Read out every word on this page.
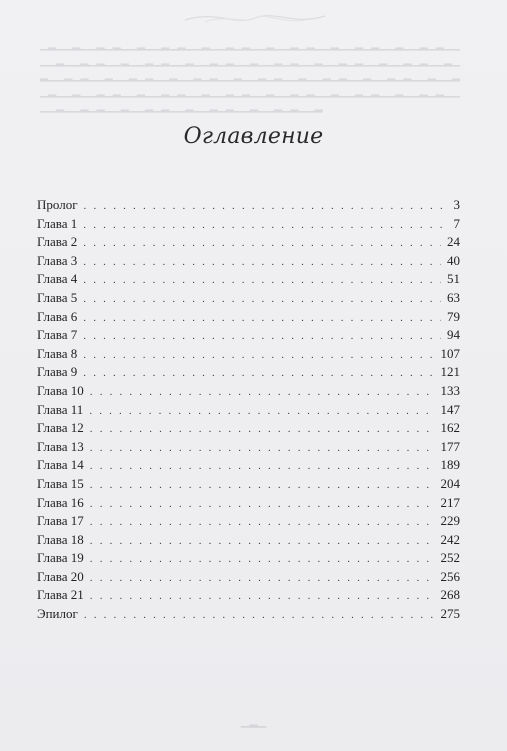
▁▂▁▁▂▁▁▂▁▂▁▁▂▁▁▂▁▂▁▁▂▁▁▂▁▂▁▁▂▁▁▂▁▂▁▁▂▁▁▂▁▂▁▁▂▁▁▂▁▂▁▁
▁▁▂▁▁▂▁▂▁▁▂▁▁▂▁▂▁▁▂▁▁▂▁▂▁▁▂▁▁▂▁▂▁▁▂▁▁▂▁▂▁▁▂▁▁▂▁▂▁▁▂▁
▂▁▁▂▁▂▁▁▂▁▁▂▁▂▁▁▂▁▁▂▁▂▁▁▂▁▁▂▁▂▁▁▂▁▁▂▁▂▁▁▂▁▁▂▁▂▁▁▂▁▁▂
▁▂▁▁▂▁▁▂▁▂▁▁▂▁▁▂▁▂▁▁▂▁▁▂▁▂▁▁▂▁▁▂▁▂▁▁▂▁▁▂▁▂▁▁▂▁▁▂▁▂▁▁
▁▁▂▁▁▂▁▂▁▁▂▁▁▂▁▂▁▁▂▁▁▂▁▂▁▁▂▁▁▂▁▂▁▁▂
Оглавление
Пролог . . .	3
Глава 1 . . .	7
Глава 2 . . .	24
Глава 3 . . .	40
Глава 4 . . .	51
Глава 5 . . .	63
Глава 6 . . .	79
Глава 7 . . .	94
Глава 8 . . .	107
Глава 9 . . .	121
Глава 10 . . .	133
Глава 11 . . .	147
Глава 12 . . .	162
Глава 13 . . .	177
Глава 14 . . .	189
Глава 15 . . .	204
Глава 16 . . .	217
Глава 17 . . .	229
Глава 18 . . .	242
Глава 19 . . .	252
Глава 20 . . .	256
Глава 21 . . .	268
Эпилог . . .	275
▁▂▁
